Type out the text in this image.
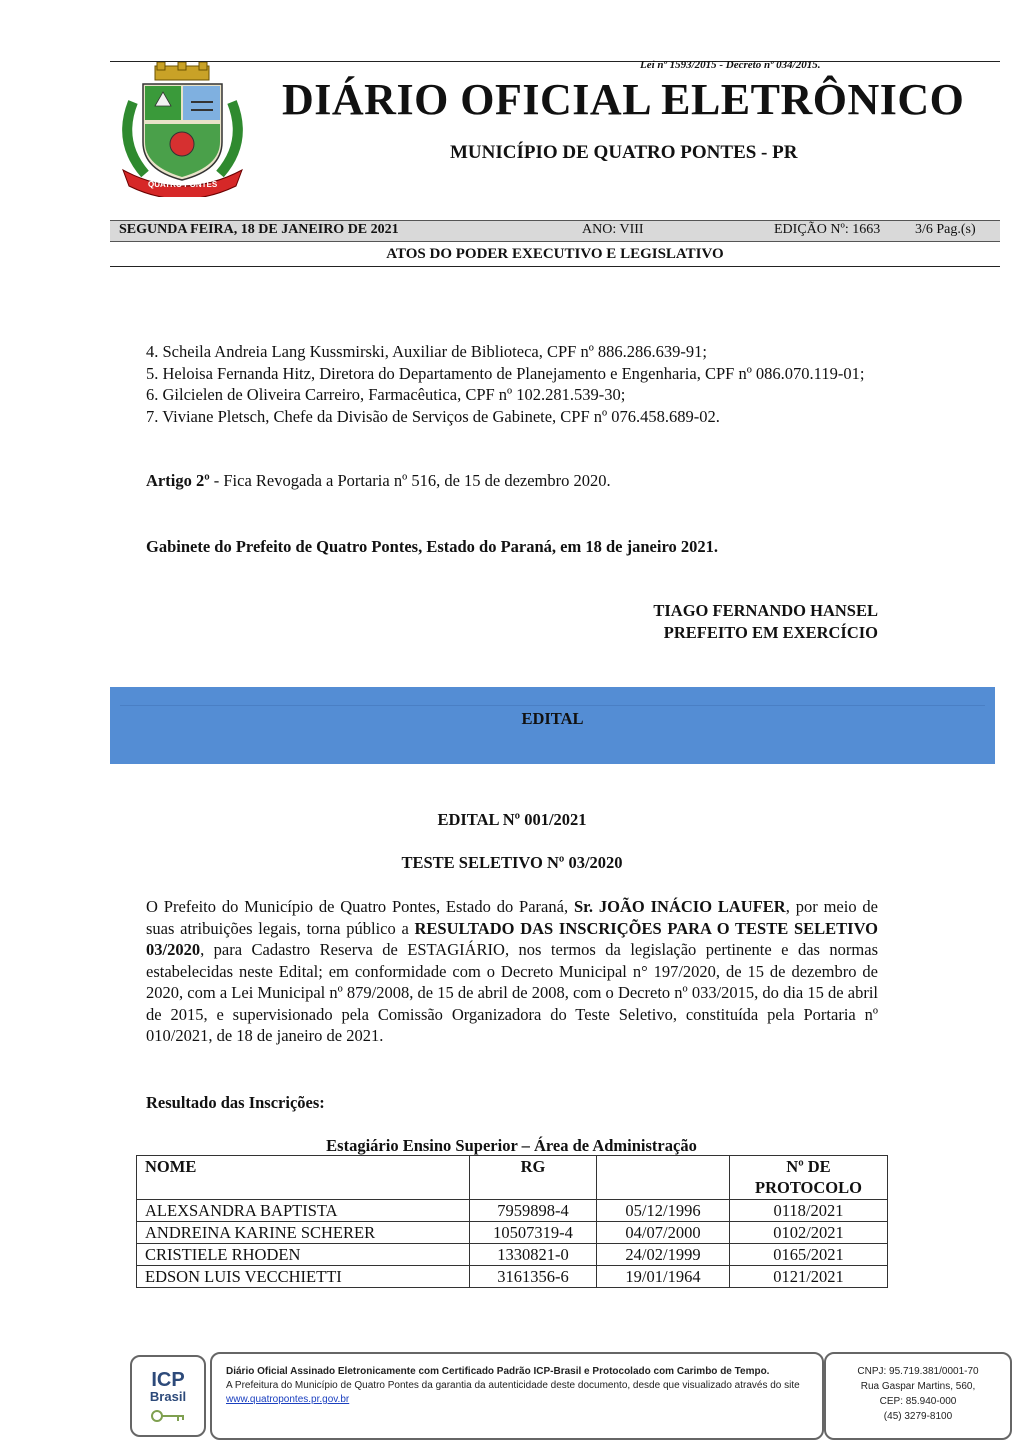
Lei nº 1593/2015 - Decreto nº 034/2015.
QUATRO PONTES
DIÁRIO OFICIAL ELETRÔNICO
MUNICÍPIO DE QUATRO PONTES - PR
SEGUNDA FEIRA, 18 DE JANEIRO DE 2021	ANO: VIII	EDIÇÃO Nº: 1663 3/6 Pag.(s)
ATOS DO PODER EXECUTIVO E LEGISLATIVO
4. Scheila Andreia Lang Kussmirski, Auxiliar de Biblioteca, CPF nº 886.286.639-91;
5. Heloisa Fernanda Hitz, Diretora do Departamento de Planejamento e Engenharia, CPF nº 086.070.119-01;
6. Gilcielen de Oliveira Carreiro, Farmacêutica, CPF nº 102.281.539-30;
7. Viviane Pletsch, Chefe da Divisão de Serviços de Gabinete, CPF nº 076.458.689-02.
Artigo 2º - Fica Revogada a Portaria nº 516, de 15 de dezembro 2020.
Gabinete do Prefeito de Quatro Pontes, Estado do Paraná, em 18 de janeiro 2021.
TIAGO FERNANDO HANSEL
PREFEITO EM EXERCÍCIO
EDITAL
EDITAL Nº 001/2021
TESTE SELETIVO Nº 03/2020
O Prefeito do Município de Quatro Pontes, Estado do Paraná, Sr. JOÃO INÁCIO LAUFER, por meio de suas atribuições legais, torna público a RESULTADO DAS INSCRIÇÕES PARA O TESTE SELETIVO 03/2020, para Cadastro Reserva de ESTAGIÁRIO, nos termos da legislação pertinente e das normas estabelecidas neste Edital; em conformidade com o Decreto Municipal n° 197/2020, de 15 de dezembro de 2020, com a Lei Municipal nº 879/2008, de 15 de abril de 2008, com o Decreto nº 033/2015, do dia 15 de abril de 2015, e supervisionado pela Comissão Organizadora do Teste Seletivo, constituída pela Portaria nº 010/2021, de 18 de janeiro de 2021.
Resultado das Inscrições:
Estagiário Ensino Superior – Área de Administração
NOME	RG		Nº DE PROTOCOLO
ALEXSANDRA BAPTISTA	7959898-4	05/12/1996	0118/2021
ANDREINA KARINE SCHERER	10507319-4	04/07/2000	0102/2021
CRISTIELE RHODEN	1330821-0	24/02/1999	0165/2021
EDSON LUIS VECCHIETTI	3161356-6	19/01/1964	0121/2021
ICP
Brasil
Diário Oficial Assinado Eletronicamente com Certificado Padrão ICP-Brasil e Protocolado com Carimbo de Tempo.
A Prefeitura do Município de Quatro Pontes da garantia da autenticidade deste documento, desde que visualizado através do site www.quatropontes.pr.gov.br
CNPJ: 95.719.381/0001-70
Rua Gaspar Martins, 560,
CEP: 85.940-000
(45) 3279-8100
